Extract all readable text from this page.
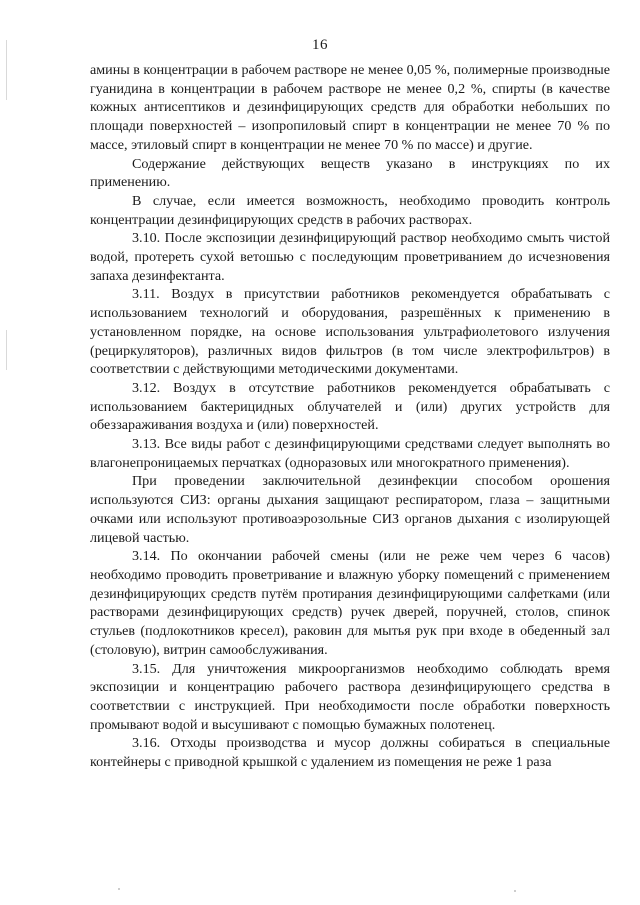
16

амины в концентрации в рабочем растворе не менее 0,05 %, полимерные производные гуанидина в концентрации в рабочем растворе не менее 0,2 %, спирты (в качестве кожных антисептиков и дезинфицирующих средств для обработки небольших по площади поверхностей – изопропиловый спирт в концентрации не менее 70 % по массе, этиловый спирт в концентрации не менее 70 % по массе) и другие.

Содержание действующих веществ указано в инструкциях по их применению.

В случае, если имеется возможность, необходимо проводить контроль концентрации дезинфицирующих средств в рабочих растворах.

3.10. После экспозиции дезинфицирующий раствор необходимо смыть чистой водой, протереть сухой ветошью с последующим проветриванием до исчезновения запаха дезинфектанта.

3.11. Воздух в присутствии работников рекомендуется обрабатывать с использованием технологий и оборудования, разрешённых к применению в установленном порядке, на основе использования ультрафиолетового излучения (рециркуляторов), различных видов фильтров (в том числе электрофильтров) в соответствии с действующими методическими документами.

3.12. Воздух в отсутствие работников рекомендуется обрабатывать с использованием бактерицидных облучателей и (или) других устройств для обеззараживания воздуха и (или) поверхностей.

3.13. Все виды работ с дезинфицирующими средствами следует выполнять во влагонепроницаемых перчатках (одноразовых или многократного применения).

При проведении заключительной дезинфекции способом орошения используются СИЗ: органы дыхания защищают респиратором, глаза – защитными очками или используют противоаэрозольные СИЗ органов дыхания с изолирующей лицевой частью.

3.14. По окончании рабочей смены (или не реже чем через 6 часов) необходимо проводить проветривание и влажную уборку помещений с применением дезинфицирующих средств путём протирания дезинфицирующими салфетками (или растворами дезинфицирующих средств) ручек дверей, поручней, столов, спинок стульев (подлокотников кресел), раковин для мытья рук при входе в обеденный зал (столовую), витрин самообслуживания.

3.15. Для уничтожения микроорганизмов необходимо соблюдать время экспозиции и концентрацию рабочего раствора дезинфицирующего средства в соответствии с инструкцией. При необходимости после обработки поверхность промывают водой и высушивают с помощью бумажных полотенец.

3.16. Отходы производства и мусор должны собираться в специальные контейнеры с приводной крышкой с удалением из помещения не реже 1 раза
